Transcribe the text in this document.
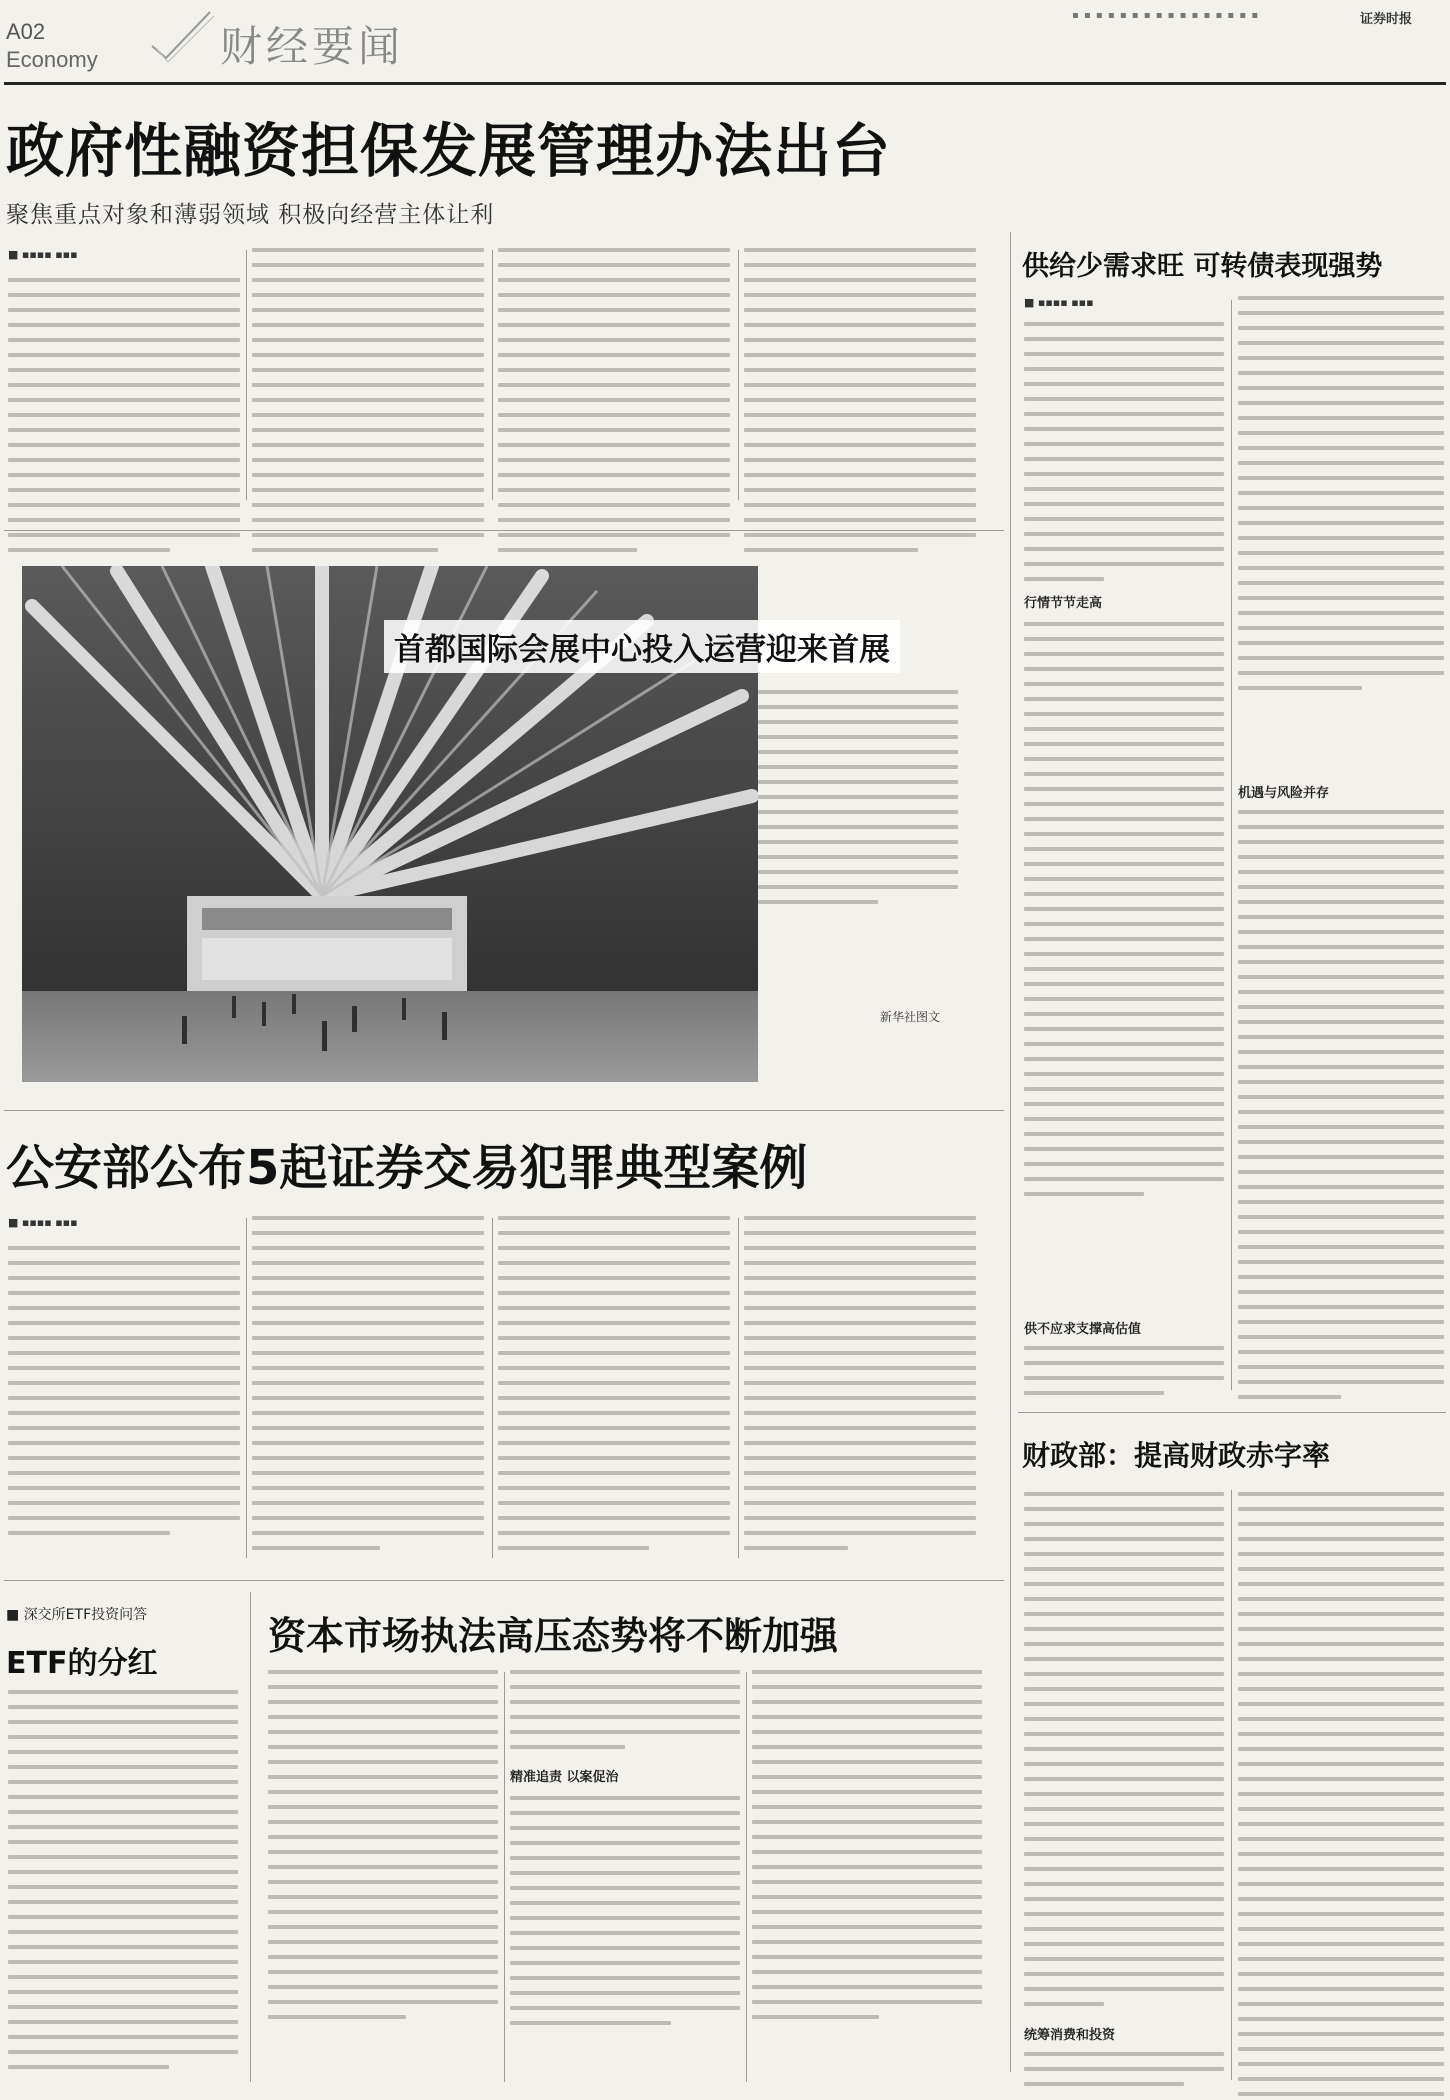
A02
Economy	财经要闻
▪ ▪ ▪ ▪ ▪ ▪ ▪ ▪ ▪ ▪ ▪ ▪ ▪ ▪ ▪ ▪	证券时报
政府性融资担保发展管理办法出台
聚焦重点对象和薄弱领域 积极向经营主体让利
■ ▪▪▪▪ ▪▪▪
首都国际会展中心投入运营迎来首展
新华社图文
公安部公布5起证券交易犯罪典型案例
■ ▪▪▪▪ ▪▪▪
■ 深交所ETF投资问答
ETF的分红
资本市场执法高压态势将不断加强
精准追责 以案促治
供给少需求旺 可转债表现强势
■ ▪▪▪▪ ▪▪▪
行情节节走高
供不应求支撑高估值
机遇与风险并存
财政部：提高财政赤字率
统筹消费和投资
